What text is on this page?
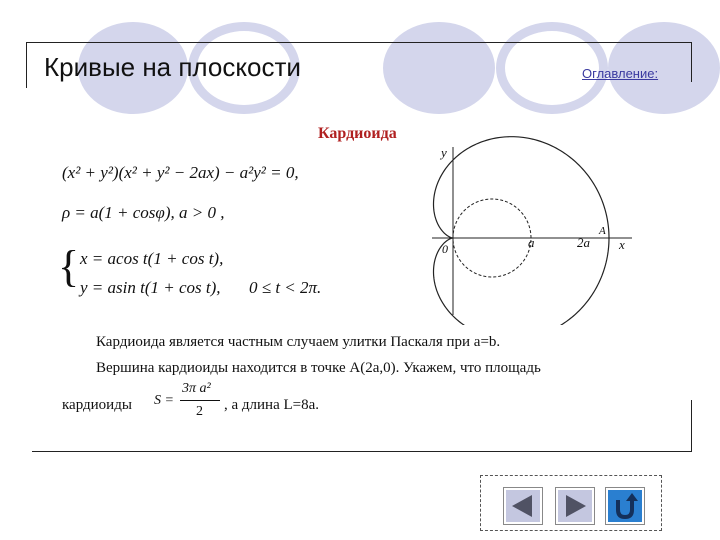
Кривые на плоскости	Оглавление:
Кардиоида
(x² + y²)(x² + y² − 2ax) − a²y² = 0,
ρ = a(1 + cosφ), a > 0 ,
{ x = acos t(1 + cos t),
y = asin t(1 + cos t), 0 ≤ t < 2π.
y
x
0	a	2a
A
Кардиоида является частным случаем улитки Паскаля при a=b.
Вершина кардиоиды находится в точке A(2a,0). Укажем, что площадь
кардиоиды S =
3π a²
2 , а длина L=8a.
